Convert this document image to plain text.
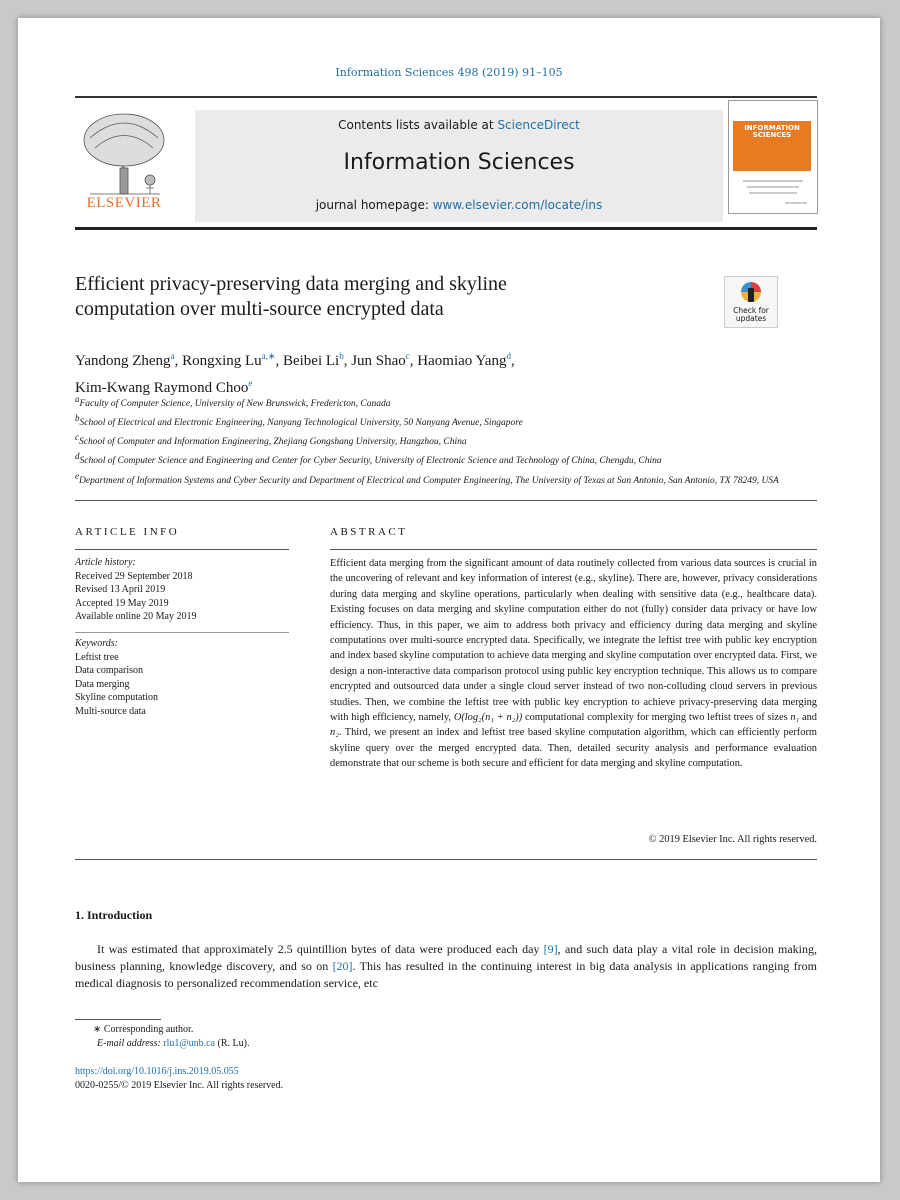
Information Sciences 498 (2019) 91–105
ELSEVIER
Contents lists available at ScienceDirect
Information Sciences
journal homepage: www.elsevier.com/locate/ins
INFORMATION SCIENCES
Efficient privacy-preserving data merging and skyline
computation over multi-source encrypted data	Check for updates
Yandong Zheng$^a$, Rongxing $Lu^{a,∗}$, Beibei Li$^b$, Jun Shao$^c$, Haomiao Yang$^d$,
Kim-Kwang Raymond Choo$^e$
$^a$Faculty of Computer Science, University of New Brunswick, Fredericton, Canada
$^b$School of Electrical and Electronic Engineering, Nanyang Technological University, 50 Nanyang Avenue, Singapore
$^c$School of Computer and Information Engineering, Zhejiang Gongshang University, Hangzhou, China
$^d$School of Computer Science and Engineering and Center for Cyber Security, University of Electronic Science and Technology of China, Chengdu, China
$^e$Department of Information Systems and Cyber Security and Department of Electrical and Computer Engineering, The University of Texas at San Antonio, San Antonio, TX 78249, USA
ARTICLE INFO	ABSTRACT
Article history:
Received 29 September 2018
Revised 13 April 2019
Accepted 19 May 2019
Available online 20 May 2019
Keywords:
Leftist tree
Data comparison
Data merging
Skyline computation
Multi-source data
Efficient data merging from the significant amount of data routinely collected from various data sources is crucial in the uncovering of relevant and key information of interest (e.g., skyline). There are, however, privacy considerations during data merging and skyline operations, particularly when dealing with sensitive data (e.g., healthcare data). Existing focuses on data merging and skyline computation either do not (fully) consider data privacy or have low efficiency. Thus, in this paper, we aim to address both privacy and efficiency during data merging and skyline computations over multi-source encrypted data. Specifically, we integrate the leftist tree with public key encryption and index based skyline computation to achieve data merging and skyline computation over encrypted data. First, we design a non-interactive data comparison protocol using public key encryption technique. This allows us to compare encrypted and outsourced data under a single cloud server instead of two non-colluding cloud servers in previous studies. Then, we combine the leftist tree with public key encryption to achieve privacy-preserving data merging with high efficiency, namely, O(log₂(n₁ + n₂)) computational complexity for merging two leftist trees of sizes n₁ and n₂. Third, we present an index and leftist tree based skyline computation algorithm, which can efficiently perform skyline query over the merged encrypted data. Then, detailed security analysis and performance evaluation demonstrate that our scheme is both secure and efficient for data merging and skyline computation.
© 2019 Elsevier Inc. All rights reserved.
1. Introduction
It was estimated that approximately 2.5 quintillion bytes of data were produced each day [9], and such data play a vital role in decision making, business planning, knowledge discovery, and so on [20]. This has resulted in the continuing interest in big data analysis in applications ranging from medical diagnosis to personalized recommendation service, etc
∗ Corresponding author.
E-mail address: rlu1@unb.ca (R. Lu).
https://doi.org/10.1016/j.ins.2019.05.055
0020-0255/© 2019 Elsevier Inc. All rights reserved.
